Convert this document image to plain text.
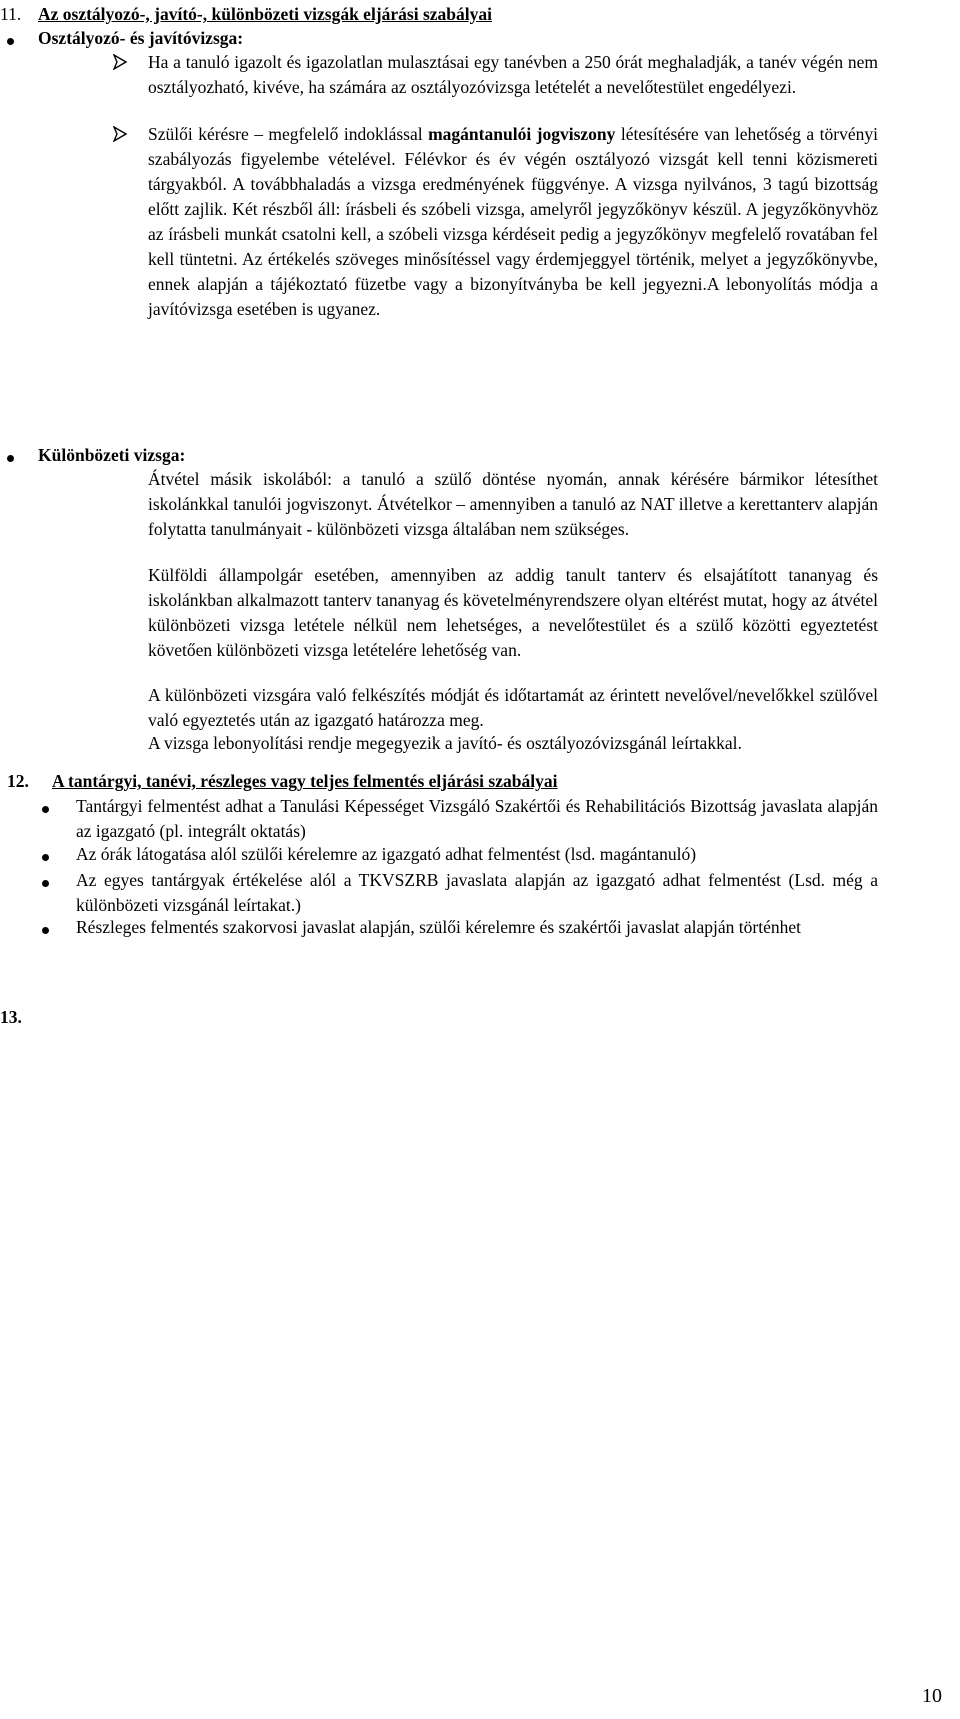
11. Az osztályozó-, javító-, különbözeti vizsgák eljárási szabályai
Osztályozó- és javítóvizsga:

Ha a tanuló igazolt és igazolatlan mulasztásai egy tanévben a 250 órát meghaladják, a tanév végén nem osztályozható, kivéve, ha számára az osztályozóvizsga letételét a nevelőtestület engedélyezi.

Szülői kérésre – megfelelő indoklással magántanulói jogviszony létesítésére van lehetőség a törvényi szabályozás figyelembe vételével. Félévkor és év végén osztályozó vizsgát kell tenni közismereti tárgyakból. A továbbhaladás a vizsga eredményének függvénye. A vizsga nyilvános, 3 tagú bizottság előtt zajlik. Két részből áll: írásbeli és szóbeli vizsga, amelyről jegyzőkönyv készül. A jegyzőkönyvhöz az írásbeli munkát csatolni kell, a szóbeli vizsga kérdéseit pedig a jegyzőkönyv megfelelő rovatában fel kell tüntetni. Az értékelés szöveges minősítéssel vagy érdemjeggyel történik, melyet a jegyzőkönyvbe, ennek alapján a tájékoztató füzetbe vagy a bizonyítványba be kell jegyezni.A lebonyolítás módja a javítóvizsga esetében is ugyanez.

Különbözeti vizsga:

Átvétel másik iskolából: a tanuló a szülő döntése nyomán, annak kérésére bármikor létesíthet iskolánkkal tanulói jogviszonyt. Átvételkor – amennyiben a tanuló az NAT illetve a kerettanterv alapján folytatta tanulmányait - különbözeti vizsga általában nem szükséges.

Külföldi állampolgár esetében, amennyiben az addig tanult tanterv és elsajátított tananyag és iskolánkban alkalmazott tanterv tananyag és követelményrendszere olyan eltérést mutat, hogy az átvétel különbözeti vizsga letétele nélkül nem lehetséges, a nevelőtestület és a szülő közötti egyeztetést követően különbözeti vizsga letételére lehetőség van.

A különbözeti vizsgára való felkészítés módját és időtartamát az érintett nevelővel/nevelőkkel szülővel való egyeztetés után az igazgató határozza meg.

A vizsga lebonyolítási rendje megegyezik a javító- és osztályozóvizsgánál leírtakkal.
12. A tantárgyi, tanévi, részleges vagy teljes felmentés eljárási szabályai

Tantárgyi felmentést adhat a Tanulási Képességet Vizsgáló Szakértői és Rehabilitációs Bizottság javaslata alapján az igazgató (pl. integrált oktatás)

Az órák látogatása alól szülői kérelemre az igazgató adhat felmentést (lsd. magántanuló)

Az egyes tantárgyak értékelése alól a TKVSZRB javaslata alapján az igazgató adhat felmentést (Lsd. még a különbözeti vizsgánál leírtakat.)

Részleges felmentés szakorvosi javaslat alapján, szülői kérelemre és szakértői javaslat alapján történhet

13.
10
